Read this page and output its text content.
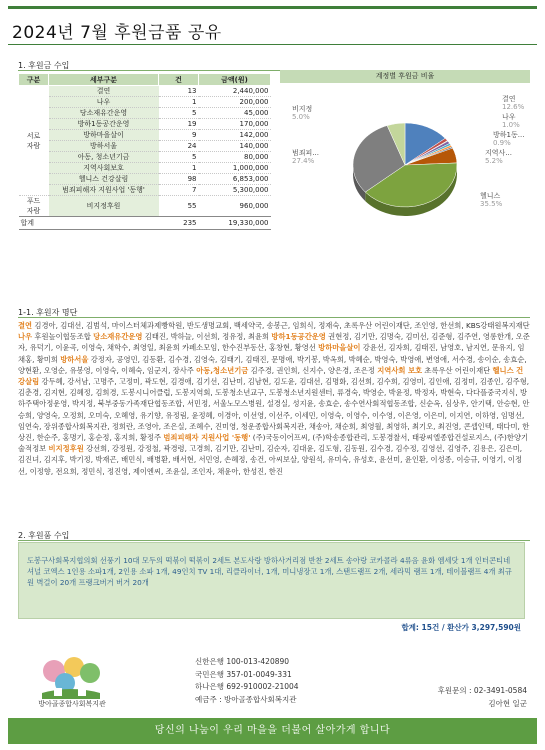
2024년 7월 후원금품 공유
1. 후원금 수입
구분	세부구분	건	금액(원)
서로
자람	결연	13	2,440,000
	나우	1	200,000
	당소재유간운영	5	45,000
	방하1동공간운영	19	170,000
	방하마을살이	9	142,000
	방하서울	24	140,000
	아동, 청소년기금	5	80,000
	지역사회보호	1	1,000,000
	헬니스 건강살림	98	6,853,000
	범죄피해자 지원사업 '동행'	7	5,300,000
푸드
자람	비지정후원	55	960,000
합계		235	19,330,000
계정별 후원금 비율
결연
12.6%
나우
1.0%
방하1동...
0.9%
지역사...
5.2%
헬니스
35.5%
범죄피...
27.4%
비지정
5.0%
1-1. 후원자 명단
결연 김경아, 김대선, 김범석, 마이스터체과제빵학원, 반도생명교회, 백세약국, 송봉근, 임희식, 정재숙, 초록우산 어린이재단, 조인영, 한선희, KBS강태원복지재단 나우 후원높이협동조합 당소재유간운영 김태진, 박하늘, 이선희, 정유정, 최윤희 방하1동공간운영 권현정, 김기만, 김명숙, 김미선, 김준형, 김주연, 영롱한개, 오준자, 유덕기, 이윤곡, 이영숙, 채학수, 최영일, 최윤희 카페소모임, 한수진부동산, 홍창현, 황영선 방하마을살이 강윤선, 김자희, 김태진, 남영호, 남지연, 문유지, 임채홍, 황미희 방하서울 강정자, 공영민, 김동환, 김수경, 김영숙, 김태기, 김태진, 문명애, 박기봉, 박옥희, 박혜순, 박영숙, 박영애, 변영애, 서수경, 송이순, 송효순, 양현환, 오영순, 유봉영, 이영숙, 이혜숙, 임군지, 장사주 아동,청소년기금 김주경, 권인희, 신지수, 양은경, 조은정 지역사회 보호 초록우산 어린이재단 헬니스 건강살림 강두혜, 강서남, 고명주, 고정미, 곽도현, 김경애, 김기선, 김난미, 김남현, 김도윤, 김대선, 김명화, 김선희, 김수희, 김영미, 김인애, 김정미, 김종인, 김주형, 김춘경, 김지현, 김혜정, 김희경, 도봉시니어클럽, 도봉지역회, 도봉청소년교구, 도봉청소년지원센터, 류경숙, 박영순, 박윤정, 박정자, 박현숙, 다다플중국지식, 방하주택아정운영, 박지정, 북부중동가족재단협동조합, 서민정, 서울노모스병원, 설경실, 성지윤, 송효순, 송수연사회적협동조합, 신순옥, 심상우, 안기택, 안승현, 안승희, 양영숙, 오정희, 오미숙, 오혜영, 유기향, 유정림, 윤정혜, 이경아, 이선영, 이선주, 이세민, 이영숙, 이영수, 이수영, 이은영, 이은미, 이지연, 이하영, 임명선, 임연숙, 장위종합사회복지관, 정희란, 조영아, 조은실, 조혜수, 진미영, 청운종합사회복지관, 채송아, 채순희, 최영월, 최영하, 최기오, 최진영, 콘셉인텍, 태다미, 한상진, 한순주, 홍명기, 홍순정, 홍지희, 황정주 범죄피해자 지원사업 '동행' (주)국동이어프씨, (주)학송종합관리, 도봉경찰서, 태광씨엘종합건설로지스, (주)한양기술적정보 비지정후원 강선희, 강정원, 강정철, 곽경령, 고경희, 김기만, 김난미, 김순자, 김대윤, 김도형, 김동원, 김수경, 김수정, 김영선, 김영주, 김용은, 김은미, 김진녀, 김지후, 박기정, 박재곤, 배민식, 배병환, 배서현, 서민영, 손혜정, 송건, 아씨보살, 양원석, 유미숙, 유성호, 윤선미, 윤인환, 이성종, 이승규, 이영기, 이정선, 이정향, 전요희, 정민식, 정진영, 제이엔씨, 조윤실, 조인자, 채윤아, 한성진, 한진
2. 후원품 수입
도봉구사회복지협의회 선풍기 10대 모두의 떡볶이 떡볶이 2세트 본도사랑 방하사거리점 반찬 2세트 송아랑 코카콜라 4류음 윤화 엠세닷 1개 인터콘티네셔널 코엑스 1인용 소파1개, 2인용 소파 1개, 49인치 TV 1대, 리클라이너, 1개, 미니냉장고 1개, 스탠드램프 2개, 세라믹 램프 1개, 테이블램프 4개 최규원 벽걸이 20개 프랭크버거 버거 20개
합계: 15건 / 환산가 3,297,590원
방아골종합사회복지관
신한은행 100-013-420890
국민은행 357-01-0049-331
하나은행 692-910002-21004
예금주 : 방아골종합사회복지관
후원문의 : 02-3491-0584
김아현 일군
당신의 나눔이 우리 마을을 더불어 살아가게 합니다
